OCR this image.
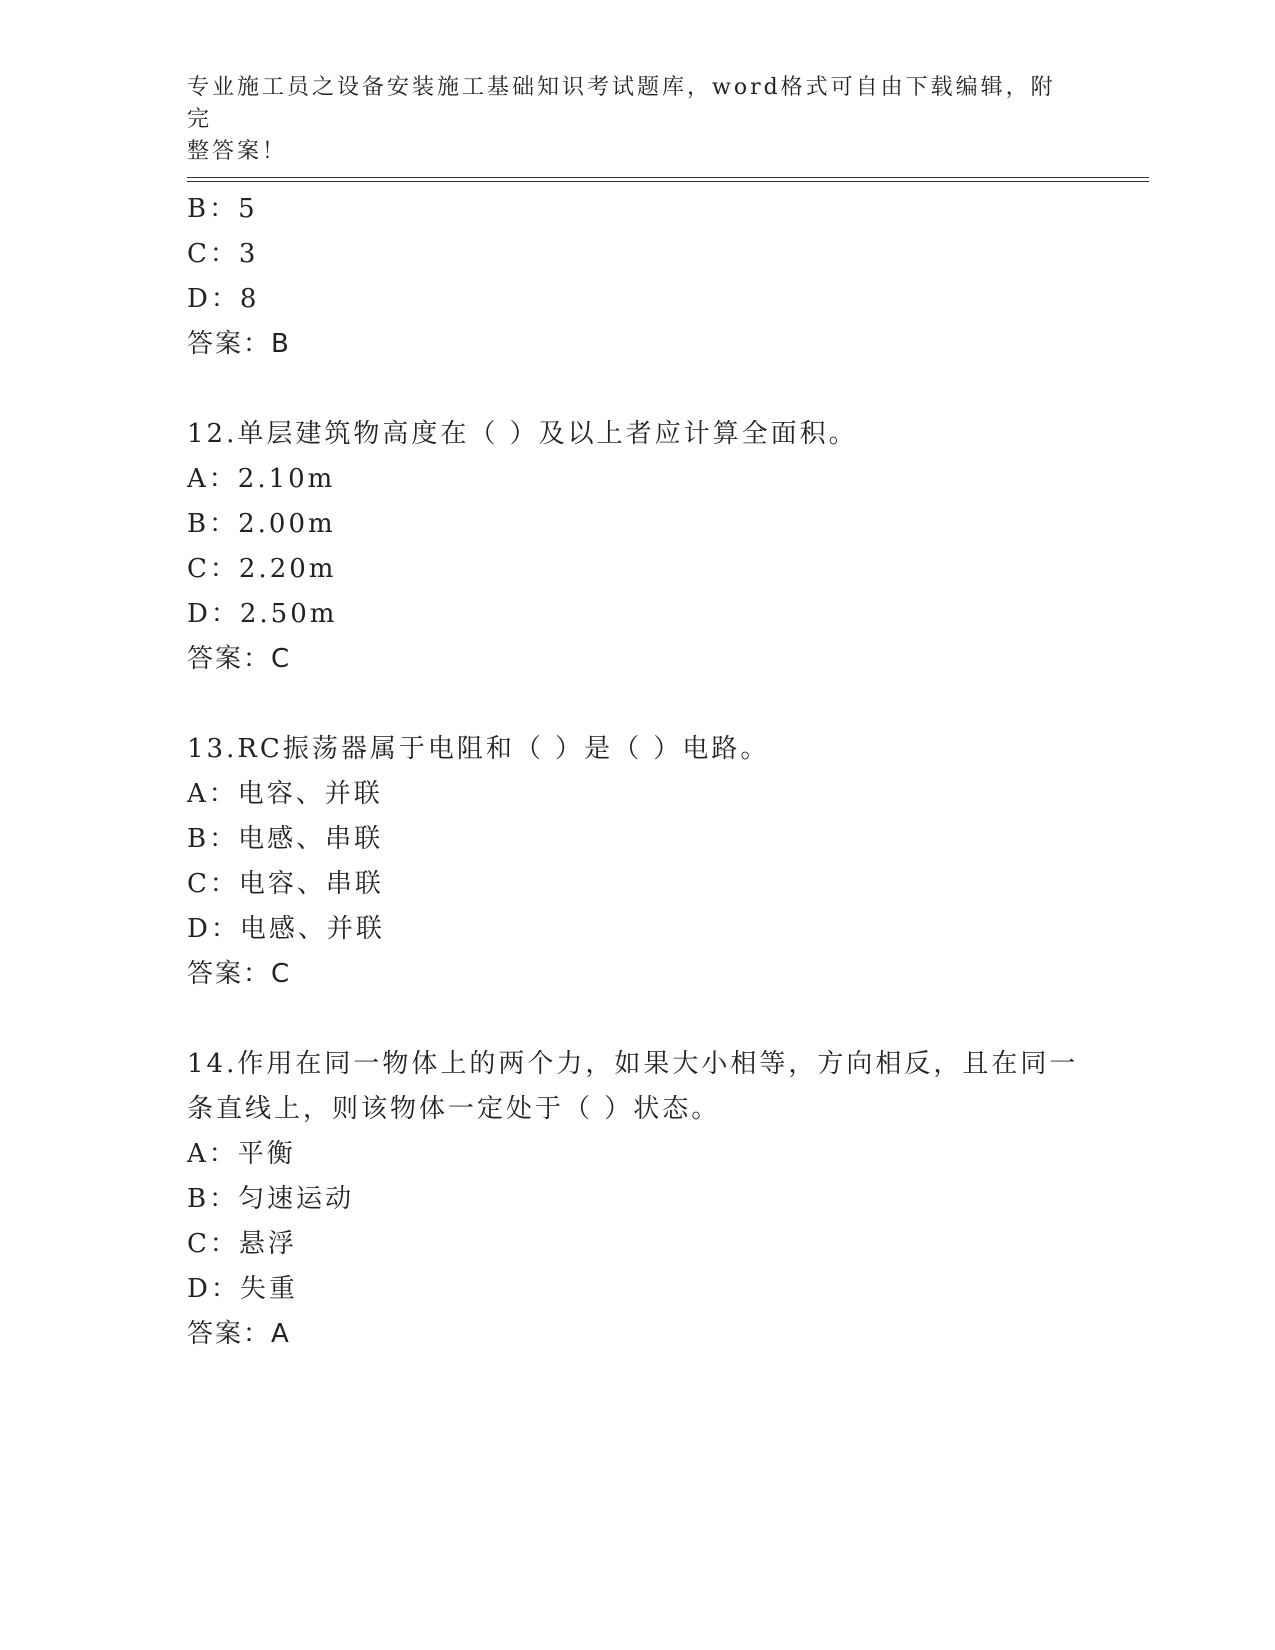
专业施工员之设备安装施工基础知识考试题库，word格式可自由下载编辑，附完
整答案！
B：5
C：3
D：8
答案：B
12.单层建筑物高度在（ ）及以上者应计算全面积。
A：2.10m
B：2.00m
C：2.20m
D：2.50m
答案：C
13.RC振荡器属于电阻和（ ）是（ ）电路。
A：电容、并联
B：电感、串联
C：电容、串联
D：电感、并联
答案：C
14.作用在同一物体上的两个力，如果大小相等，方向相反，且在同一
条直线上，则该物体一定处于（ ）状态。
A：平衡
B：匀速运动
C：悬浮
D：失重
答案：A
